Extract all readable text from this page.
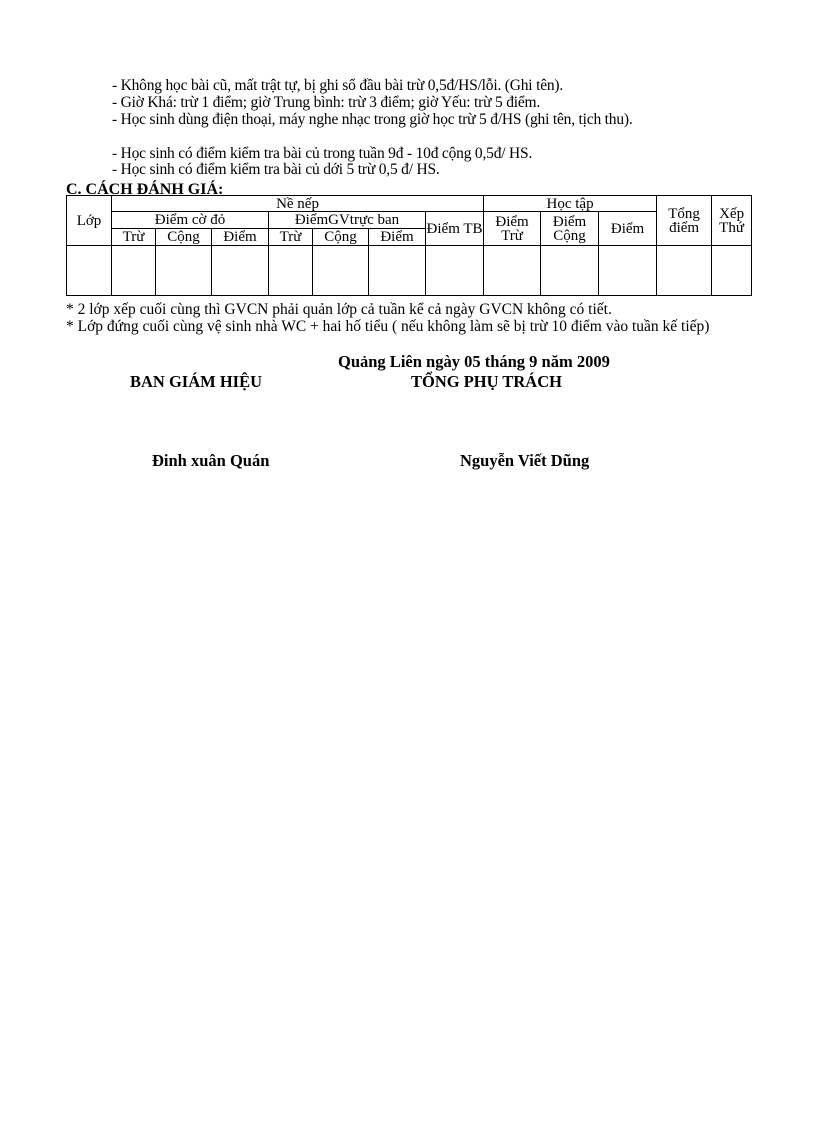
- Không học bài cũ, mất trật tự, bị ghi sổ đầu bài trừ 0,5đ/HS/lỗi. (Ghi tên).
- Giờ Khá: trừ 1 điểm; giờ Trung bình: trừ 3 điểm; giờ Yếu: trừ 5 điểm.
- Học sinh dùng điện thoại, máy nghe nhạc trong giờ học trừ 5 đ/HS (ghi tên, tịch thu).
- Học sinh có điểm kiểm tra bài củ trong tuần 9đ - 10đ cộng 0,5đ/ HS.
- Học sinh có điểm kiểm tra bài củ dới 5 trừ 0,5 đ/ HS.
C. CÁCH ĐÁNH GIÁ:
Lớp	Nề nếp							Học tập			Tổng điểm	Xếp Thứ
	Điểm cờ đỏ			ĐiểmGVtrực ban			Điểm TB	Điểm Trừ	Điểm Cộng	Điểm		
	Trừ	Cộng	Điểm	Trừ	Cộng	Điểm						

* 2 lớp xếp cuối cùng thì GVCN phải quản lớp cả tuần kể cả ngày GVCN không có tiết.
* Lớp đứng cuối cùng vệ sinh nhà WC + hai hố tiểu ( nếu không làm sẽ bị trừ 10 điểm vào tuần kế tiếp)
Quảng Liên ngày 05 tháng 9 năm 2009
BAN GIÁM HIỆU	TỔNG PHỤ TRÁCH
Đinh xuân Quán	Nguyễn Viết Dũng
